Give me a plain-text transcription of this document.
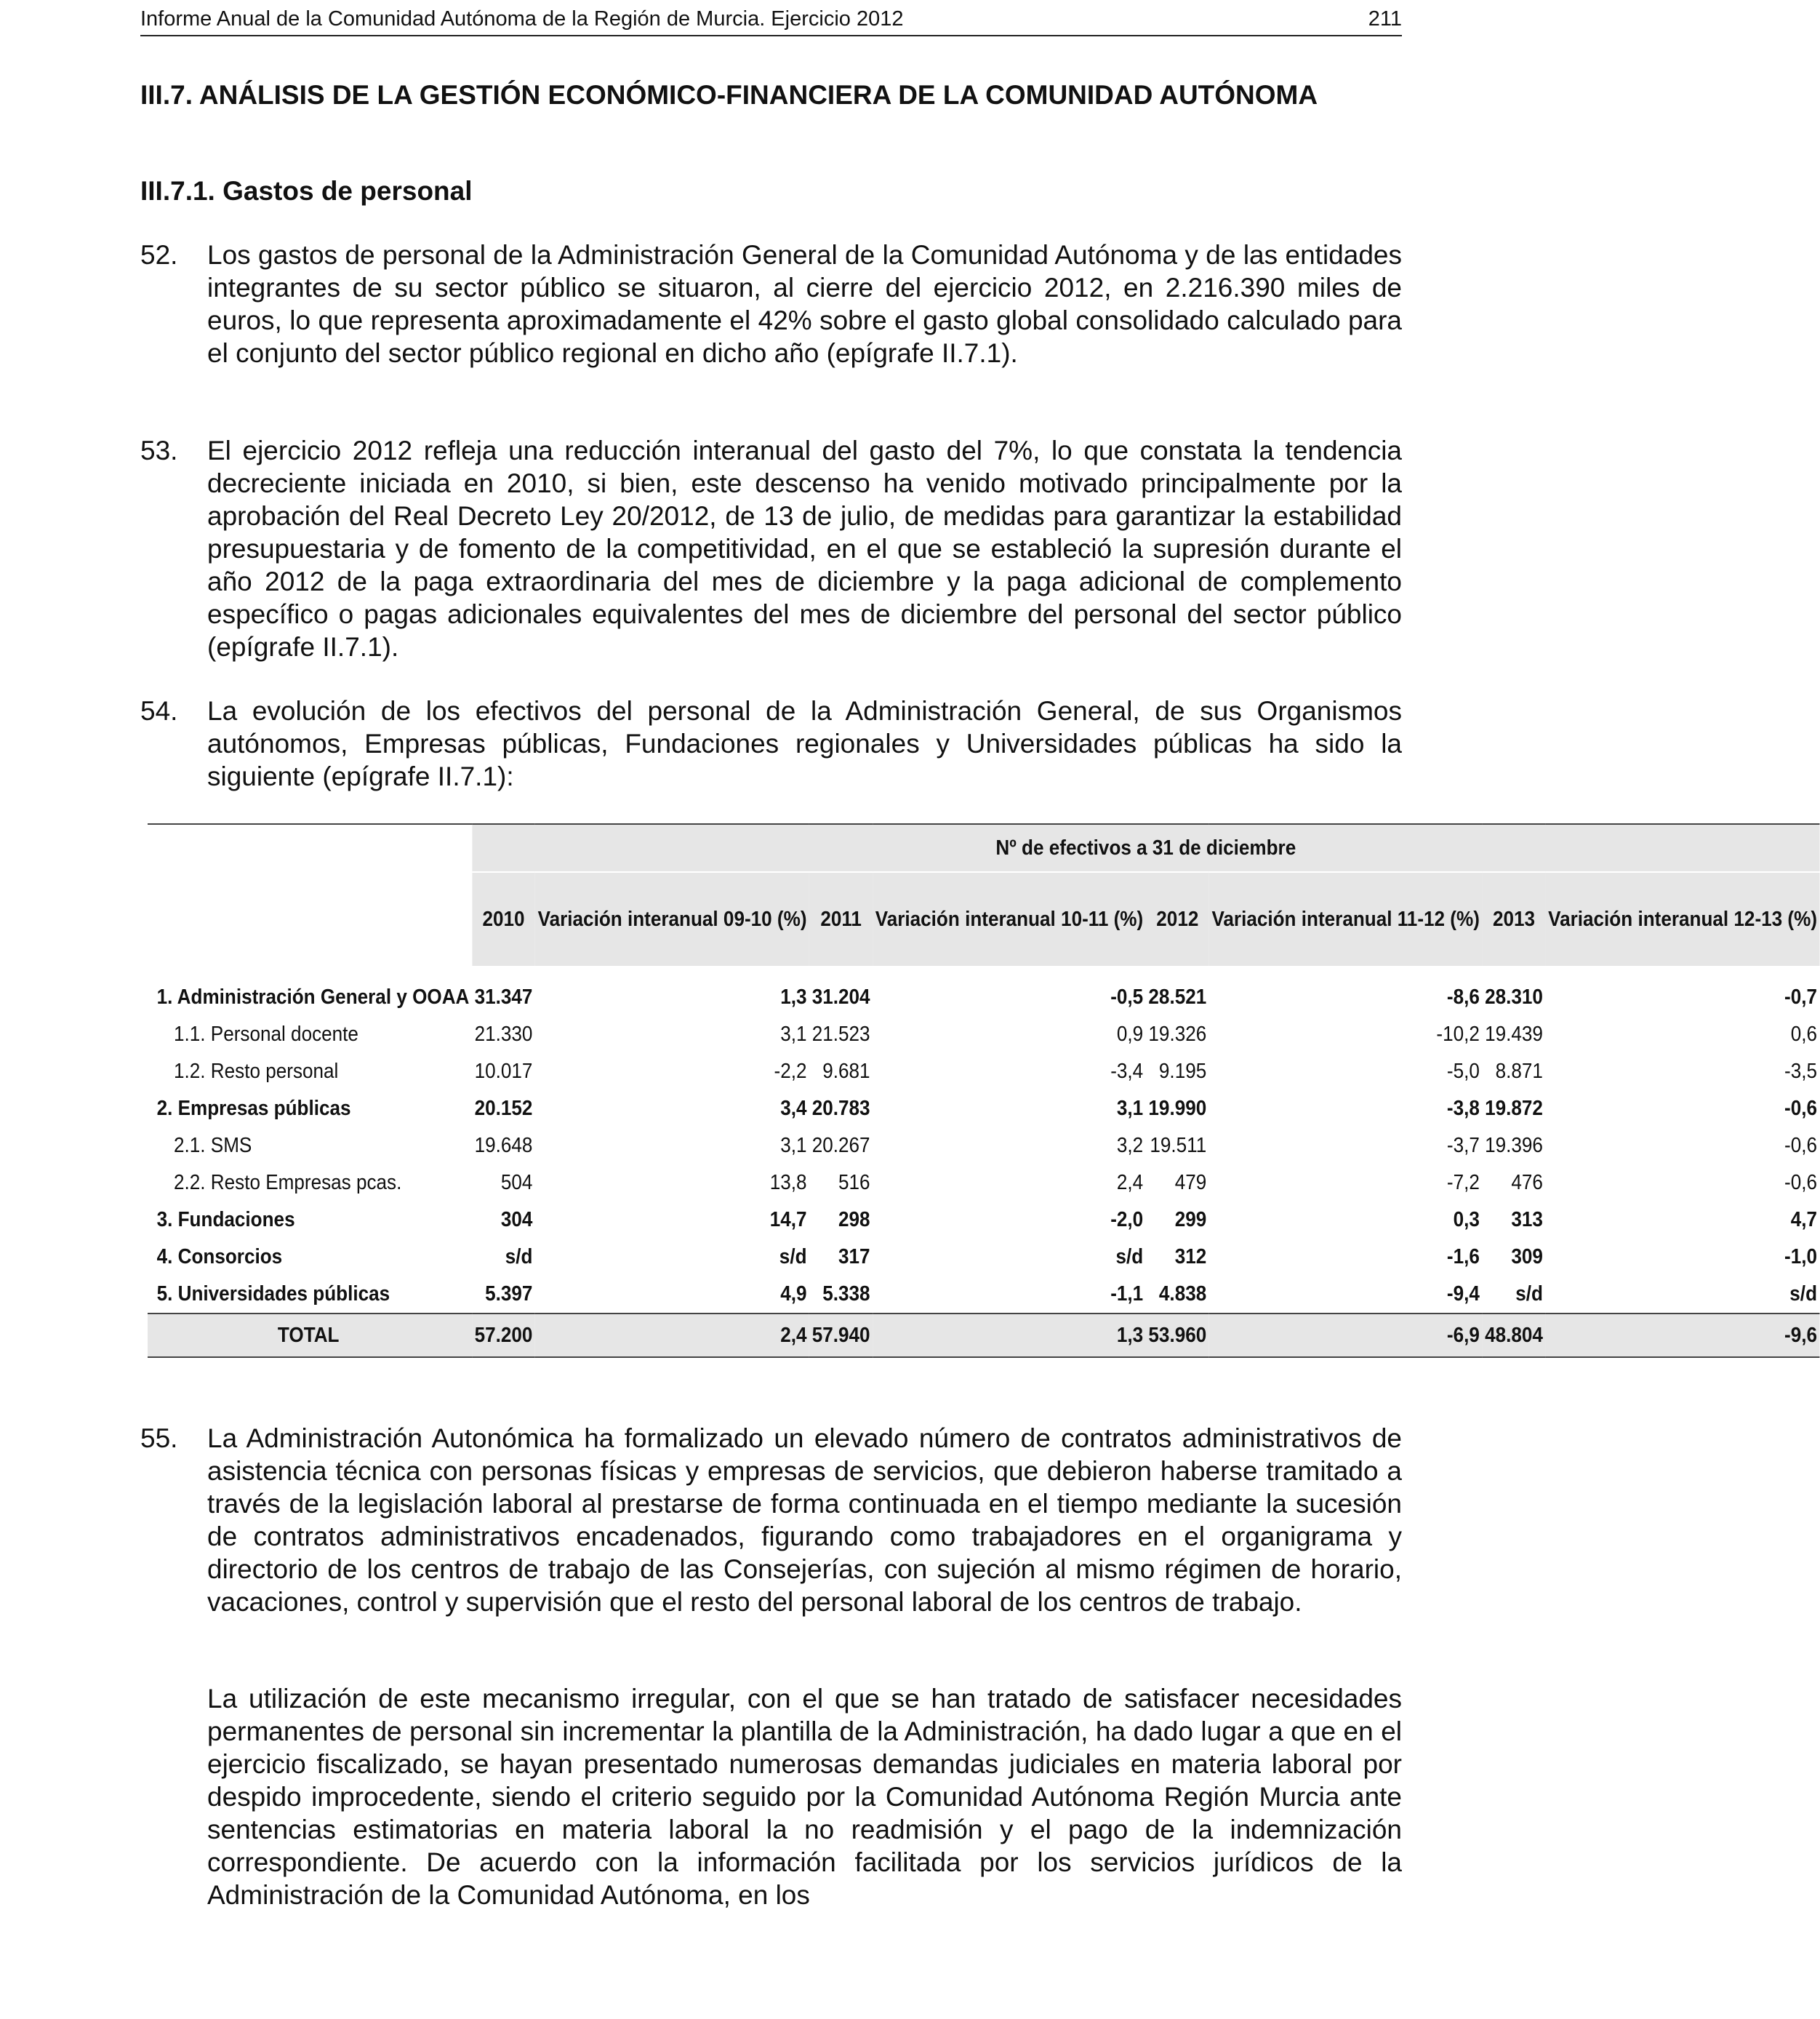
Informe Anual de la Comunidad Autónoma de la Región de Murcia. Ejercicio 2012	211
III.7. ANÁLISIS DE LA GESTIÓN ECONÓMICO-FINANCIERA DE LA COMUNIDAD AUTÓNOMA
III.7.1. Gastos de personal
52.	Los gastos de personal de la Administración General de la Comunidad Autónoma y de las entidades integrantes de su sector público se situaron, al cierre del ejercicio 2012, en 2.216.390 miles de euros, lo que representa aproximadamente el 42% sobre el gasto global consolidado calculado para el conjunto del sector público regional en dicho año (epígrafe II.7.1).
53.	El ejercicio 2012 refleja una reducción interanual del gasto del 7%, lo que constata la tendencia decreciente iniciada en 2010, si bien, este descenso ha venido motivado principalmente por la aprobación del Real Decreto Ley 20/2012, de 13 de julio, de medidas para garantizar la estabilidad presupuestaria y de fomento de la competitividad, en el que se estableció la supresión durante el año 2012 de la paga extraordinaria del mes de diciembre y la paga adicional de complemento específico o pagas adicionales equivalentes del mes de diciembre del personal del sector público (epígrafe II.7.1).
54.	La evolución de los efectivos del personal de la Administración General, de sus Organismos autónomos, Empresas públicas, Fundaciones regionales y Universidades públicas ha sido la siguiente (epígrafe II.7.1):
	Nº de efectivos a 31 de diciembre							
	2010	Variación interanual 09-10 (%)	2011	Variación interanual 10-11 (%)	2012	Variación interanual 11-12 (%)	2013	Variación interanual 12-13 (%)
1. Administración General y OOAA	31.347	1,3	31.204	-0,5	28.521	-8,6	28.310	-0,7
1.1. Personal docente	21.330	3,1	21.523	0,9	19.326	-10,2	19.439	0,6
1.2. Resto personal	10.017	-2,2	9.681	-3,4	9.195	-5,0	8.871	-3,5
2. Empresas públicas	20.152	3,4	20.783	3,1	19.990	-3,8	19.872	-0,6
2.1. SMS	19.648	3,1	20.267	3,2	19.511	-3,7	19.396	-0,6
2.2. Resto Empresas pcas.	504	13,8	516	2,4	479	-7,2	476	-0,6
3. Fundaciones	304	14,7	298	-2,0	299	0,3	313	4,7
4. Consorcios	s/d	s/d	317	s/d	312	-1,6	309	-1,0
5. Universidades públicas	5.397	4,9	5.338	-1,1	4.838	-9,4	s/d	s/d
TOTAL	57.200	2,4	57.940	1,3	53.960	-6,9	48.804	-9,6
55.	La Administración Autonómica ha formalizado un elevado número de contratos administrativos de asistencia técnica con personas físicas y empresas de servicios, que debieron haberse tramitado a través de la legislación laboral al prestarse de forma continuada en el tiempo mediante la sucesión de contratos administrativos encadenados, figurando como trabajadores en el organigrama y directorio de los centros de trabajo de las Consejerías, con sujeción al mismo régimen de horario, vacaciones, control y supervisión que el resto del personal laboral de los centros de trabajo.
La utilización de este mecanismo irregular, con el que se han tratado de satisfacer necesidades permanentes de personal sin incrementar la plantilla de la Administración, ha dado lugar a que en el ejercicio fiscalizado, se hayan presentado numerosas demandas judiciales en materia laboral por despido improcedente, siendo el criterio seguido por la Comunidad Autónoma Región Murcia ante sentencias estimatorias en materia laboral la no readmisión y el pago de la indemnización correspondiente. De acuerdo con la información facilitada por los servicios jurídicos de la Administración de la Comunidad Autónoma, en los
